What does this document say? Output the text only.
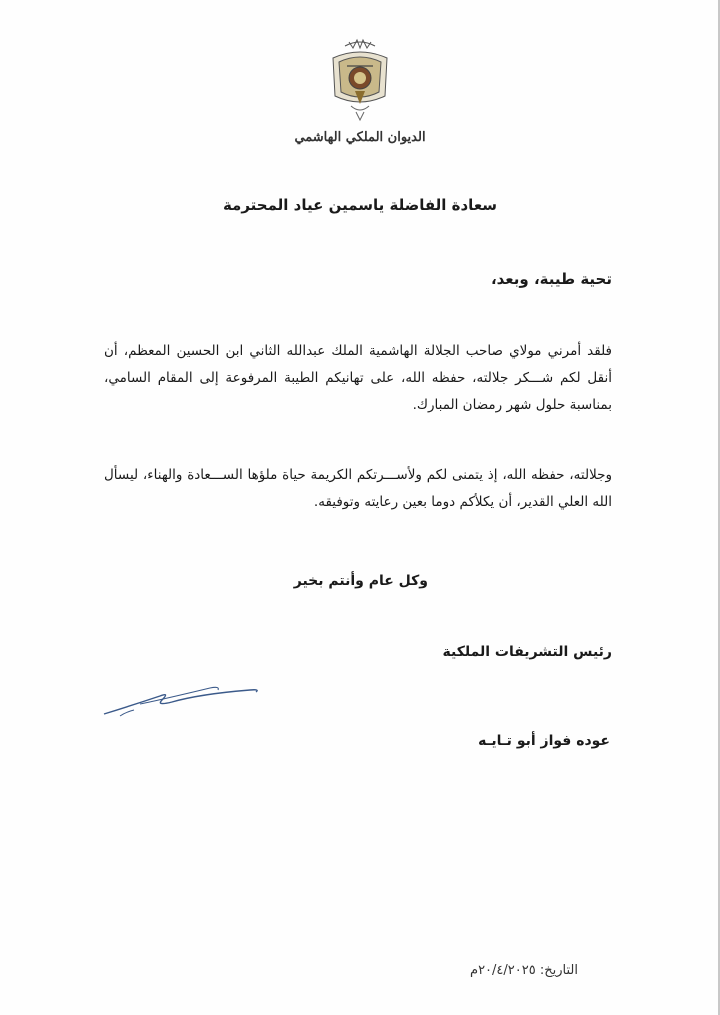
الديوان الملكي الهاشمي
سعادة الفاضلة ياسمين عياد المحترمة
تحية طيبة، وبعد،
فلقد أمرني مولاي صاحب الجلالة الهاشمية الملك عبدالله الثاني ابن الحسين المعظم، أن أنقل لكم شـــكر جلالته، حفظه الله، على تهانيكم الطيبة المرفوعة إلى المقام السامي، بمناسبة حلول شهر رمضان المبارك.
وجلالته، حفظه الله، إذ يتمنى لكم ولأســـرتكم الكريمة حياة ملؤها الســـعادة والهناء، ليسأل الله العلي القدير، أن يكلأكم دوما بعين رعايته وتوفيقه.
وكل عام وأنتم بخير
رئيس التشريفات الملكية
عوده فواز أبو تـايـه
التاريخ: ٢٠/٤/٢٠٢٥م
